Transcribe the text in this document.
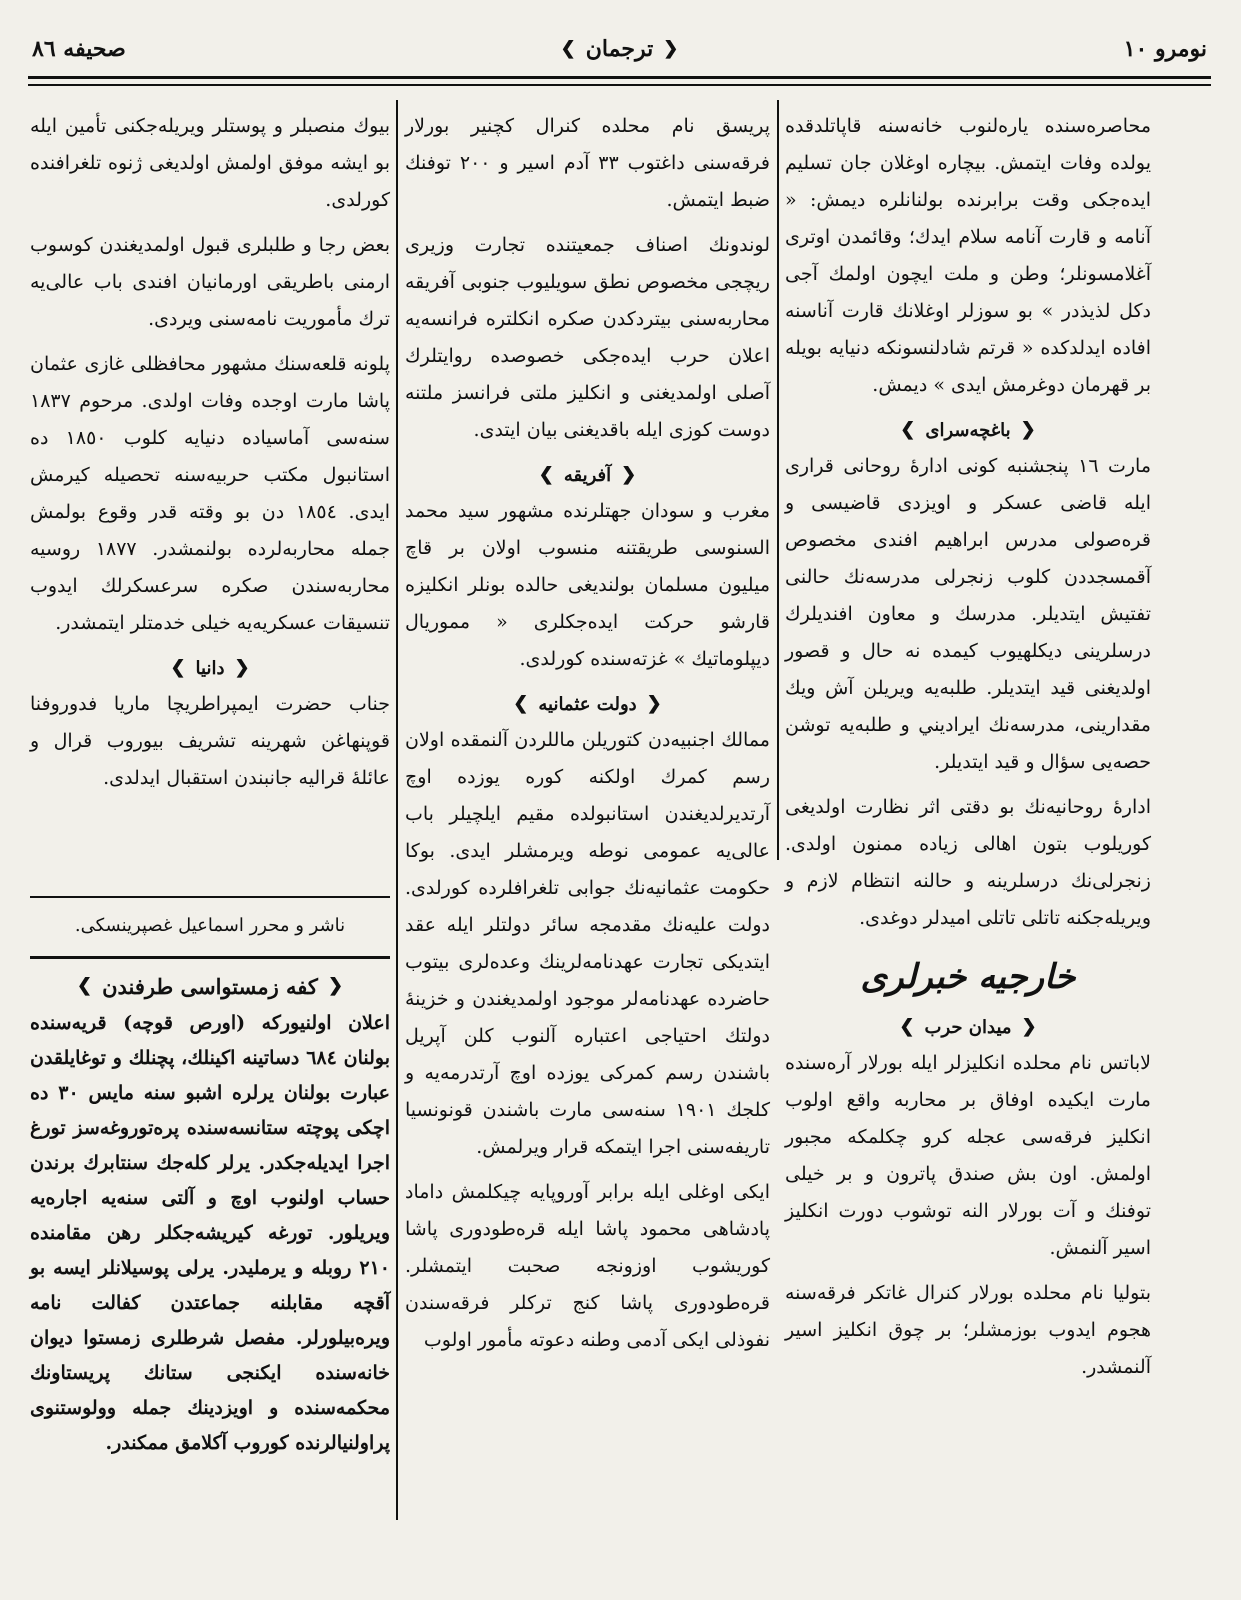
صحيفه ٨٦	❮
ترجمان
❯	نومرو ١٠

محاصره‌سنده ياره‌لنوب خانه‌سنه قاپاتلدقده يولده وفات ايتمش. بيچاره اوغلان جان تسليم ايده‌جكى وقت برابرنده بولنانلره ديمش: « آنامه و قارت آنامه سلام ايدك؛ وقائمدن اوترى آغلامسونلر؛ وطن و ملت ايچون اولمك آجى دكل لذيذدر » بو سوزلر اوغلانك قارت آناسنه افاده ايدلدكده « قرتم شادلنسونكه دنيايه بويله بر قهرمان دوغرمش ايدى » ديمش.

❮
باغچه‌سراى
❯

مارت ١٦ پنجشنبه كونى ادارهٔ روحانى قرارى ايله قاضى عسكر و اويزدى قاضيسى و قره‌صولى مدرس ابراهيم افندى مخصوص آقمسجددن كلوب زنجرلى مدرسه‌نك حالنى تفتيش ايتديلر. مدرسك و معاون افنديلرك درسلرينى ديكلهيوب كيمده نه حال و قصور اولديغنى قيد ايتديلر. طلبه‌يه ويريلن آش ويك مقدارينى، مدرسه‌نك ايراديني و طلبه‌يه توشن حصه‌يى سؤال و قيد ايتديلر.

ادارهٔ روحانيه‌نك بو دقتى اثر نظارت اولديغى كوريلوب بتون اهالى زياده ممنون اولدى. زنجرلى‌نك درسلرينه و حالنه انتظام لازم و ويريله‌جكنه تاتلى تاتلى اميدلر دوغدى.

خارجيه خبرلرى
❮
ميدان حرب
❯

لاباتس نام محلده انكليزلر ايله بورلار آره‌سنده مارت ايكيده اوفاق بر محاربه واقع اولوب انكليز فرقه‌سى عجله كرو چكلمكه مجبور اولمش. اون بش صندق پاترون و بر خيلى توفنك و آت بورلار النه توشوب دورت انكليز اسير آلنمش.

بتوليا نام محلده بورلار كنرال غاتكر فرقه‌سنه هجوم ايدوب بوزمشلر؛ بر چوق انكليز اسير آلنمشدر.

پريسق نام محلده كنرال كچنير بورلار فرقه‌سنى داغتوب ٣٣ آدم اسير و ٢٠٠ توفنك ضبط ايتمش.

لوندونك اصناف جمعيتنده تجارت وزيرى ريچجى مخصوص نطق سويليوب جنوبى آفريقه محاربه‌سنى بيتردكدن صكره انكلتره فرانسه‌يه اعلان حرب ايده‌جكى خصوصده روايتلرك آصلى اولمديغنى و انكليز ملتى فرانسز ملتنه دوست كوزى ايله باقديغنى بيان ايتدى.

❮
آفريقه
❯

مغرب و سودان جهتلرنده مشهور سيد محمد السنوسى طريقتنه منسوب اولان بر قاچ ميليون مسلمان بولنديغى حالده بونلر انكليزه قارشو حركت ايده‌جكلرى « مموريال ديپلوماتيك » غزته‌سنده كورلدى.

❮
دولت عثمانيه
❯

ممالك اجنبيه‌دن كتوريلن ماللردن آلنمقده اولان رسم كمرك اولكنه كوره يوزده اوچ آرتديرلديغندن استانبولده مقيم ايلچيلر باب عالى‌يه عمومى نوطه ويرمشلر ايدى. بوكا حكومت عثمانيه‌نك جوابى تلغرافلرده كورلدى. دولت عليه‌نك مقدمجه سائر دولتلر ايله عقد ايتديكى تجارت عهدنامه‌لرينك وعده‌لرى بيتوب حاضرده عهدنامه‌لر موجود اولمديغندن و خزينهٔ دولتك احتياجى اعتباره آلنوب كلن آپريل باشندن رسم كمركى يوزده اوچ آرتدرمه‌يه و كلجك ١٩٠١ سنه‌سى مارت باشندن قونونسيا تاريفه‌سنى اجرا ايتمكه قرار ويرلمش.

ايكى اوغلى ايله برابر آوروپايه چيكلمش داماد پادشاهى محمود پاشا ايله قره‌طودورى پاشا كوريشوب اوزونجه صحبت ايتمشلر. قره‌طودورى پاشا كنج تركلر فرقه‌سندن نفوذلى ايكى آدمى وطنه دعوته مأمور اولوب

بيوك منصبلر و پوستلر ويريله‌جكنى تأمين ايله بو ايشه موفق اولمش اولديغى ژنوه تلغرافنده كورلدى.

بعض رجا و طلبلرى قبول اولمديغندن كوسوب ارمنى باطريقى اورمانيان افندى باب عالى‌يه ترك مأموريت نامه‌سنى ويردى.

پلونه قلعه‌سنك مشهور محافظلى غازى عثمان پاشا مارت اوجده وفات اولدى. مرحوم ١٨٣٧ سنه‌سى آماسياده دنيايه كلوب ١٨٥٠ ده استانبول مكتب حربيه‌سنه تحصيله كيرمش ايدى. ١٨٥٤ دن بو وقته قدر وقوع بولمش جمله محاربه‌لرده بولنمشدر. ١٨٧٧ روسيه محاربه‌سندن صكره سرعسكرلك ايدوب تنسيقات عسكريه‌يه خيلى خدمتلر ايتمشدر.

❮
دانيا
❯

جناب حضرت ايمپراطريچا ماريا فدوروفنا قوپنهاغن شهرينه تشريف بيوروب قرال و عائلهٔ قراليه جانبندن استقبال ايدلدى.

ناشر و محرر اسماعيل غصپرينسكى.
❮
كفه زمستواسى طرفندن
❯

اعلان اولنيوركه (اورص قوچه) قريه‌سنده بولنان ٦٨٤ دساتينه اكينلك، پچنلك و توغايلقدن عبارت بولنان يرلره اشبو سنه مايس ٣٠ ده اچكى پوچته ستانسه‌سنده پره‌توروغه‌سز تورغ اجرا ايديله‌جكدر. يرلر كله‌جك سنتابرك برندن حساب اولنوب اوچ و آلتى سنه‌يه اجاره‌يه ويريلور. تورغه كيريشه‌جكلر رهن مقامنده ٢١٠ روبله و يرمليدر. يرلى پوسيلانلر ايسه بو آقچه مقابلنه جماعتدن كفالت نامه ويره‌بيلورلر. مفصل شرطلرى زمستوا ديوان خانه‌سنده ايكنجى ستانك پريستاونك محكمه‌سنده و اويزدينك جمله وولوستنوى پراولنيالرنده كوروب آكلامق ممكندر.
